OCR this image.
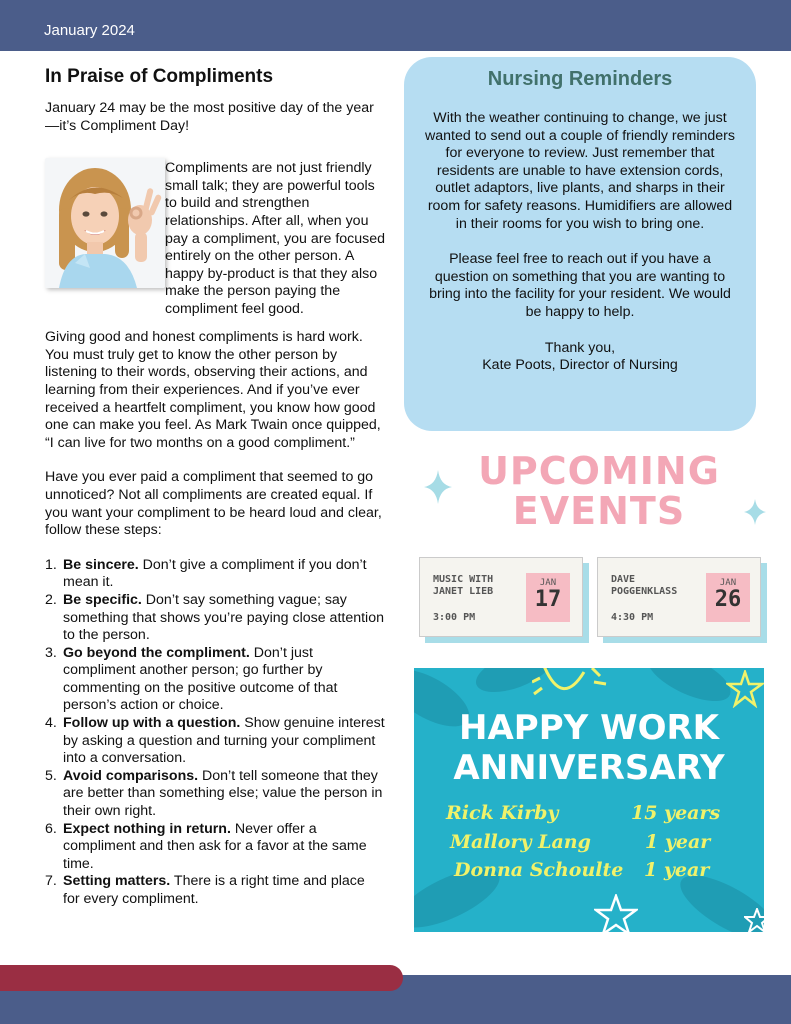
January 2024
In Praise of Compliments

January 24 may be the most positive day of the year—it’s Compliment Day!

Compliments are not just friendly small talk; they are powerful tools to build and strengthen relationships. After all, when you pay a compliment, you are focused entirely on the other person. A happy by-product is that they also make the person paying the compliment feel good.

Giving good and honest compliments is hard work. You must truly get to know the other person by listening to their words, observing their actions, and learning from their experiences. And if you’ve ever received a heartfelt compliment, you know how good one can make you feel. As Mark Twain once quipped, “I can live for two months on a good compliment.”

Have you ever paid a compliment that seemed to go unnoticed? Not all compliments are created equal. If you want your compliment to be heard loud and clear, follow these steps:

1. Be sincere. Don’t give a compliment if you don’t mean it.
2. Be specific. Don’t say something vague; say something that shows you’re paying close attention to the person.
3. Go beyond the compliment. Don’t just compliment another person; go further by commenting on the positive outcome of that person’s action or choice.
4. Follow up with a question. Show genuine interest by asking a question and turning your compliment into a conversation.
5. Avoid comparisons. Don’t tell someone that they are better than something else; value the person in their own right.
6. Expect nothing in return. Never offer a compliment and then ask for a favor at the same time.
7. Setting matters. There is a right time and place for every compliment.
Nursing Reminders

With the weather continuing to change, we just wanted to send out a couple of friendly reminders for everyone to review. Just remember that residents are unable to have extension cords, outlet adaptors, live plants, and sharps in their room for safety reasons. Humidifiers are allowed in their rooms for you wish to bring one.

Please feel free to reach out if you have a question on something that you are wanting to bring into the facility for your resident. We would be happy to help.

Thank you,
Kate Poots, Director of Nursing

UPCOMING
EVENTS
MUSIC WITH
JANET LIEB
3:00 PM
JAN
17
DAVE
POGGENKLASS
4:30 PM
JAN
26
HAPPY WORK
ANNIVERSARY
Rick Kirby	15 years
Mallory Lang	1 year
Donna Schoulte 1 year
